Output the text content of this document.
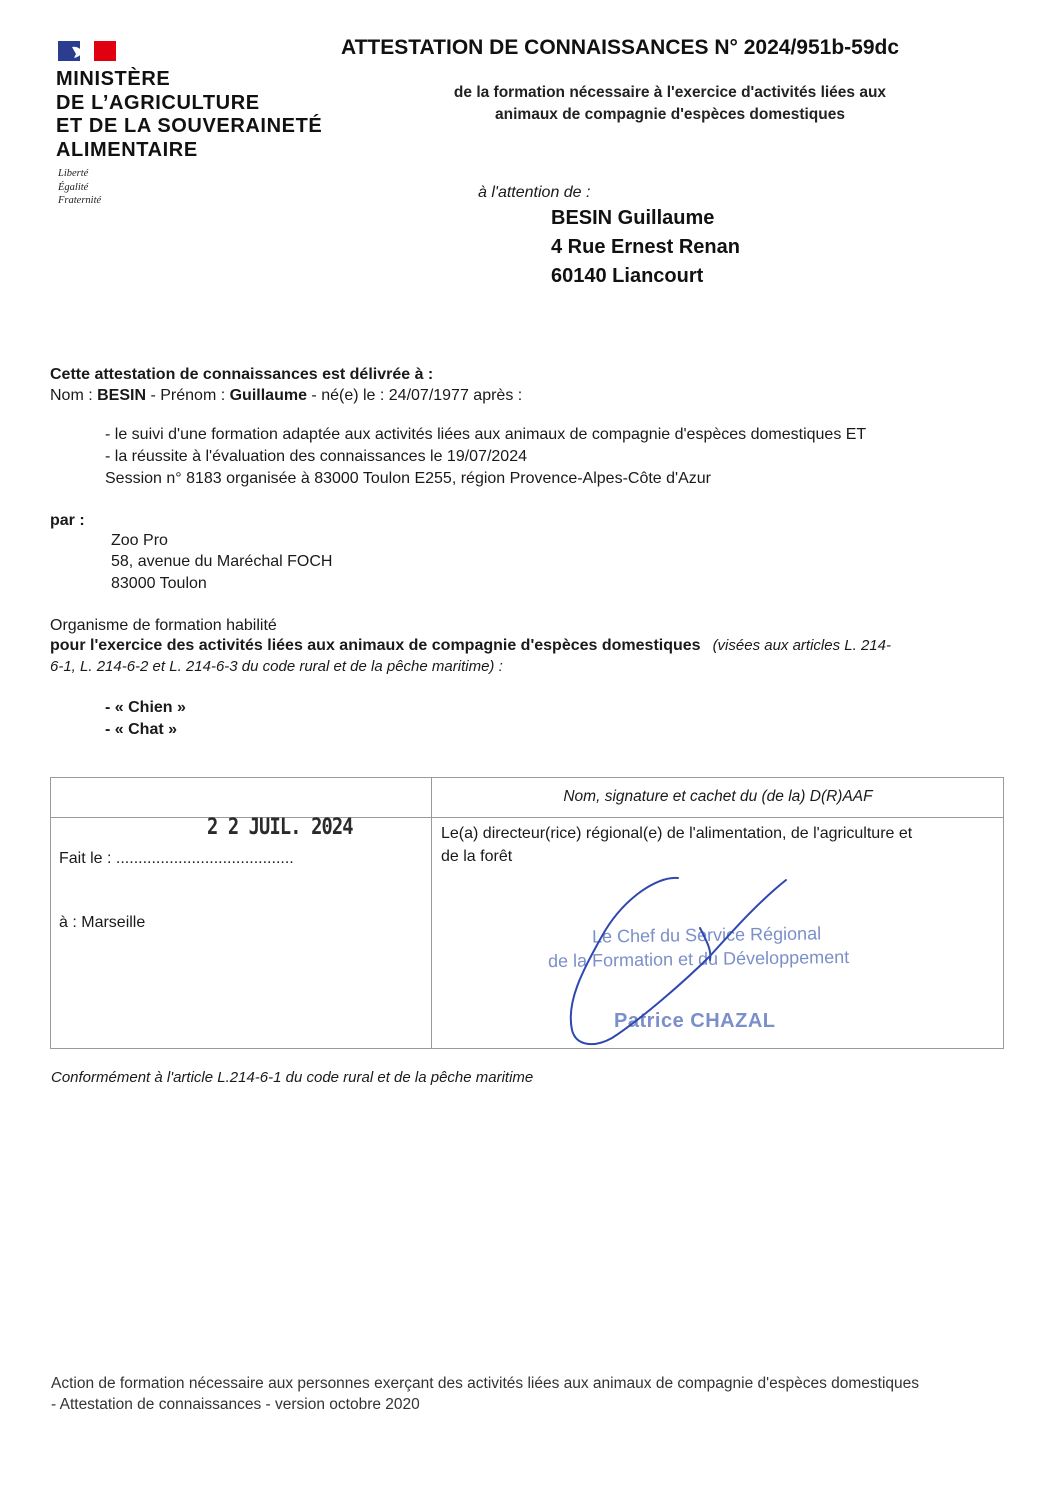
MINISTÈRE
DE L’AGRICULTURE
ET DE LA SOUVERAINETÉ
ALIMENTAIRE
Liberté
Égalité
Fraternité
ATTESTATION DE CONNAISSANCES N° 2024/951b-59dc
de la formation nécessaire à l'exercice d'activités liées aux
animaux de compagnie d'espèces domestiques
à l'attention de :
BESIN Guillaume
4 Rue Ernest Renan
60140 Liancourt
Cette attestation de connaissances est délivrée à :
Nom : BESIN - Prénom : Guillaume - né(e) le : 24/07/1977 après :
- le suivi d'une formation adaptée aux activités liées aux animaux de compagnie d'espèces domestiques ET
- la réussite à l'évaluation des connaissances le 19/07/2024
Session n° 8183 organisée à 83000 Toulon E255, région Provence-Alpes-Côte d'Azur
par :
Zoo Pro
58, avenue du Maréchal FOCH
83000 Toulon
Organisme de formation habilité
pour l'exercice des activités liées aux animaux de compagnie d'espèces domestiques (visées aux articles L. 214-
6-1, L. 214-6-2 et L. 214-6-3 du code rural et de la pêche maritime) :
- « Chien »
- « Chat »
Nom, signature et cachet du (de la) D(R)AAF
2 2 JUIL. 2024
Fait le : ........................................
à : Marseille
Le(a) directeur(rice) régional(e) de l'alimentation, de l'agriculture et
de la forêt
Le Chef du Service Régional
de la Formation et du Développement
Patrice CHAZAL
Conformément à l'article L.214-6-1 du code rural et de la pêche maritime
Action de formation nécessaire aux personnes exerçant des activités liées aux animaux de compagnie d'espèces domestiques
- Attestation de connaissances - version octobre 2020
